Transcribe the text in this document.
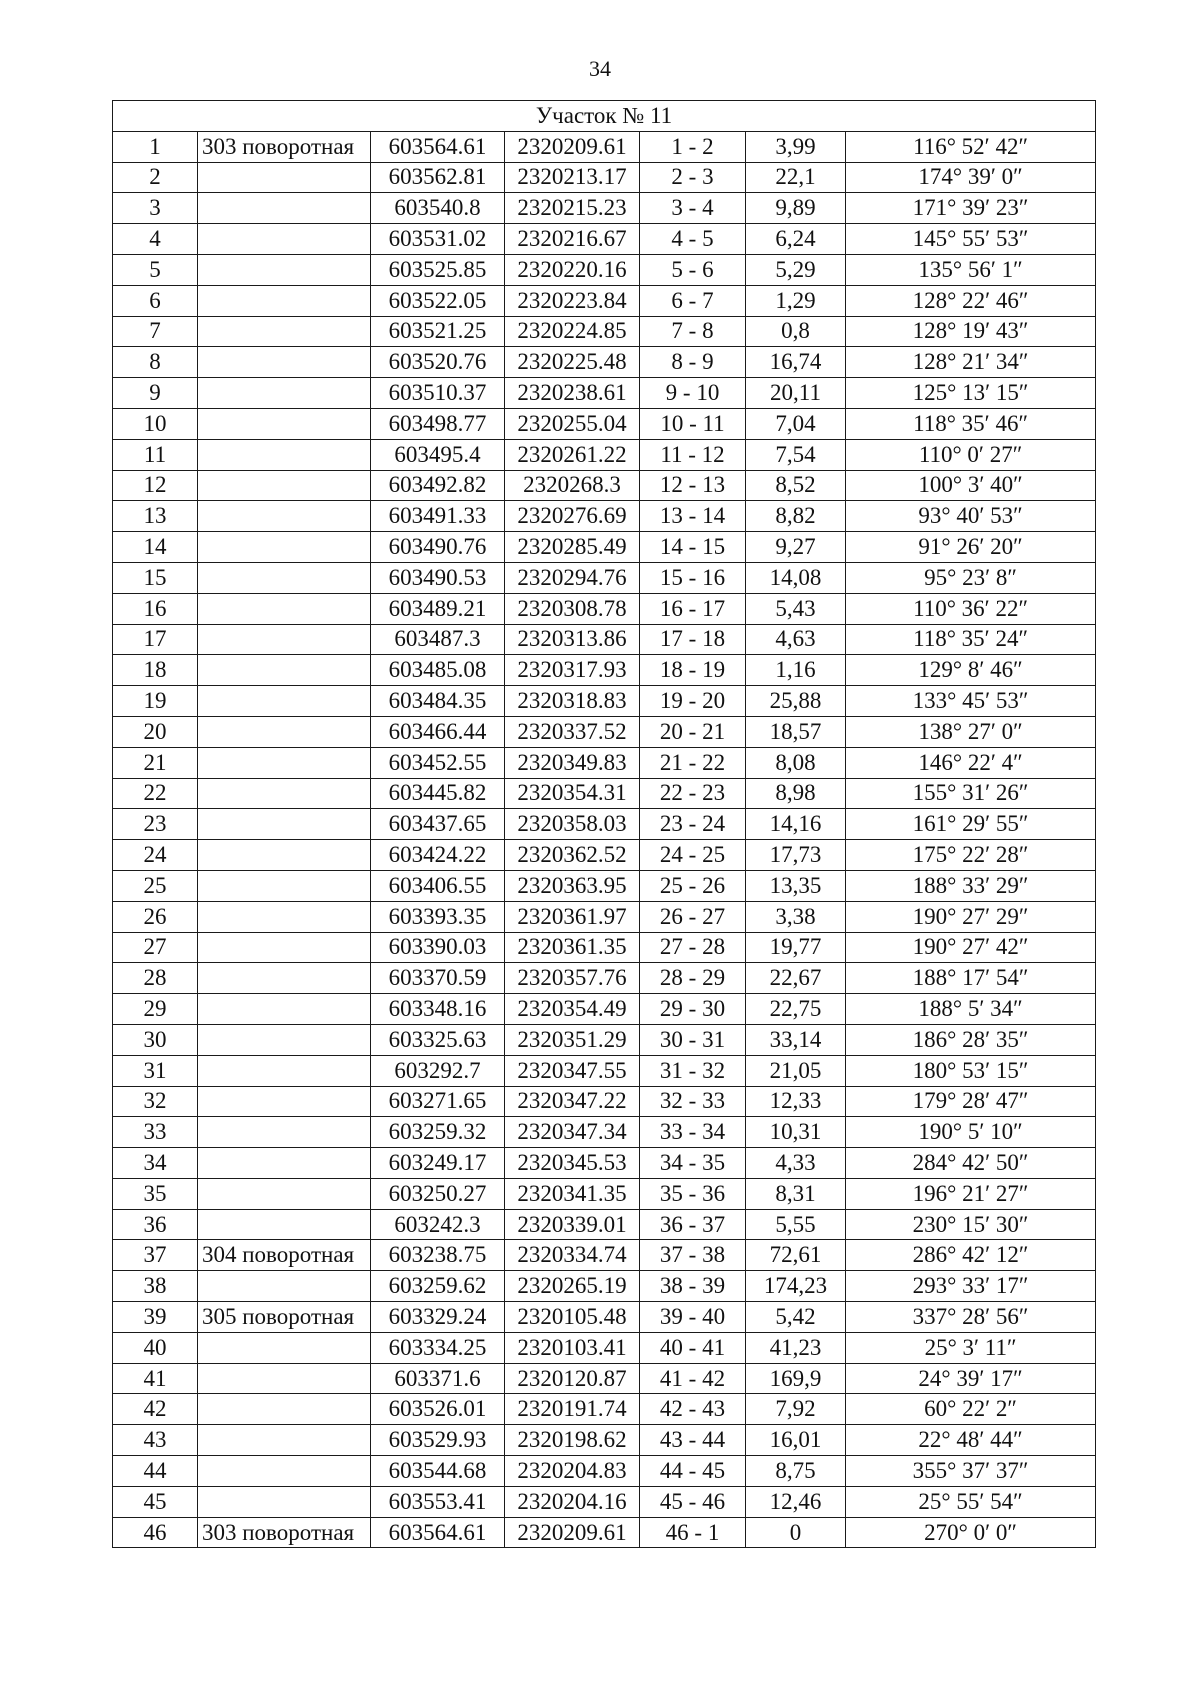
34
Участок № 11						
1	303 поворотная	603564.61	2320209.61	1 - 2	3,99	116° 52′ 42″
2		603562.81	2320213.17	2 - 3	22,1	174° 39′ 0″
3		603540.8	2320215.23	3 - 4	9,89	171° 39′ 23″
4		603531.02	2320216.67	4 - 5	6,24	145° 55′ 53″
5		603525.85	2320220.16	5 - 6	5,29	135° 56′ 1″
6		603522.05	2320223.84	6 - 7	1,29	128° 22′ 46″
7		603521.25	2320224.85	7 - 8	0,8	128° 19′ 43″
8		603520.76	2320225.48	8 - 9	16,74	128° 21′ 34″
9		603510.37	2320238.61	9 - 10	20,11	125° 13′ 15″
10		603498.77	2320255.04	10 - 11	7,04	118° 35′ 46″
11		603495.4	2320261.22	11 - 12	7,54	110° 0′ 27″
12		603492.82	2320268.3	12 - 13	8,52	100° 3′ 40″
13		603491.33	2320276.69	13 - 14	8,82	93° 40′ 53″
14		603490.76	2320285.49	14 - 15	9,27	91° 26′ 20″
15		603490.53	2320294.76	15 - 16	14,08	95° 23′ 8″
16		603489.21	2320308.78	16 - 17	5,43	110° 36′ 22″
17		603487.3	2320313.86	17 - 18	4,63	118° 35′ 24″
18		603485.08	2320317.93	18 - 19	1,16	129° 8′ 46″
19		603484.35	2320318.83	19 - 20	25,88	133° 45′ 53″
20		603466.44	2320337.52	20 - 21	18,57	138° 27′ 0″
21		603452.55	2320349.83	21 - 22	8,08	146° 22′ 4″
22		603445.82	2320354.31	22 - 23	8,98	155° 31′ 26″
23		603437.65	2320358.03	23 - 24	14,16	161° 29′ 55″
24		603424.22	2320362.52	24 - 25	17,73	175° 22′ 28″
25		603406.55	2320363.95	25 - 26	13,35	188° 33′ 29″
26		603393.35	2320361.97	26 - 27	3,38	190° 27′ 29″
27		603390.03	2320361.35	27 - 28	19,77	190° 27′ 42″
28		603370.59	2320357.76	28 - 29	22,67	188° 17′ 54″
29		603348.16	2320354.49	29 - 30	22,75	188° 5′ 34″
30		603325.63	2320351.29	30 - 31	33,14	186° 28′ 35″
31		603292.7	2320347.55	31 - 32	21,05	180° 53′ 15″
32		603271.65	2320347.22	32 - 33	12,33	179° 28′ 47″
33		603259.32	2320347.34	33 - 34	10,31	190° 5′ 10″
34		603249.17	2320345.53	34 - 35	4,33	284° 42′ 50″
35		603250.27	2320341.35	35 - 36	8,31	196° 21′ 27″
36		603242.3	2320339.01	36 - 37	5,55	230° 15′ 30″
37	304 поворотная	603238.75	2320334.74	37 - 38	72,61	286° 42′ 12″
38		603259.62	2320265.19	38 - 39	174,23	293° 33′ 17″
39	305 поворотная	603329.24	2320105.48	39 - 40	5,42	337° 28′ 56″
40		603334.25	2320103.41	40 - 41	41,23	25° 3′ 11″
41		603371.6	2320120.87	41 - 42	169,9	24° 39′ 17″
42		603526.01	2320191.74	42 - 43	7,92	60° 22′ 2″
43		603529.93	2320198.62	43 - 44	16,01	22° 48′ 44″
44		603544.68	2320204.83	44 - 45	8,75	355° 37′ 37″
45		603553.41	2320204.16	45 - 46	12,46	25° 55′ 54″
46	303 поворотная	603564.61	2320209.61	46 - 1	0	270° 0′ 0″
